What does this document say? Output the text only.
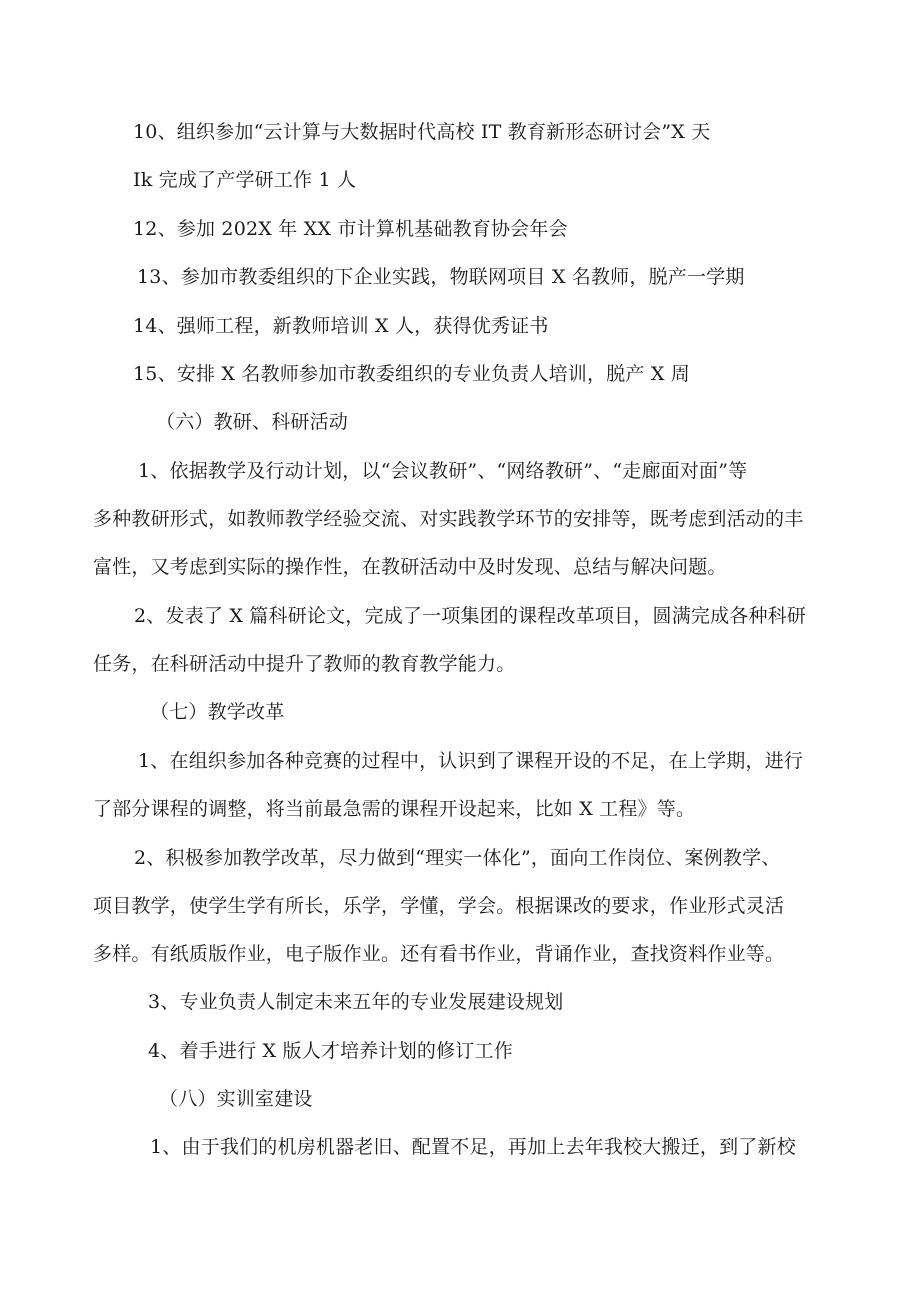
10、组织参加“云计算与大数据时代高校 IT 教育新形态研讨会”X 天
Ik 完成了产学研工作 1 人
12、参加 202X 年 XX 市计算机基础教育协会年会
13、参加市教委组织的下企业实践，物联网项目 X 名教师，脱产一学期
14、强师工程，新教师培训 X 人，获得优秀证书
15、安排 X 名教师参加市教委组织的专业负责人培训，脱产 X 周
（六）教研、科研活动
1、依据教学及行动计划，以“会议教研”、“网络教研”、“走廊面对面”等
多种教研形式，如教师教学经验交流、对实践教学环节的安排等，既考虑到活动的丰
富性，又考虑到实际的操作性，在教研活动中及时发现、总结与解决问题。
2、发表了 X 篇科研论文，完成了一项集团的课程改革项目，圆满完成各种科研
任务，在科研活动中提升了教师的教育教学能力。
（七）教学改革
1、在组织参加各种竞赛的过程中，认识到了课程开设的不足，在上学期，进行
了部分课程的调整，将当前最急需的课程开设起来，比如 X 工程》等。
2、积极参加教学改革，尽力做到“理实一体化”，面向工作岗位、案例教学、
项目教学，使学生学有所长，乐学，学懂，学会。根据课改的要求，作业形式灵活
多样。有纸质版作业，电子版作业。还有看书作业，背诵作业，查找资料作业等。
3、专业负责人制定未来五年的专业发展建设规划
4、着手进行 X 版人才培养计划的修订工作
（八）实训室建设
1、由于我们的机房机器老旧、配置不足，再加上去年我校大搬迁，到了新校
